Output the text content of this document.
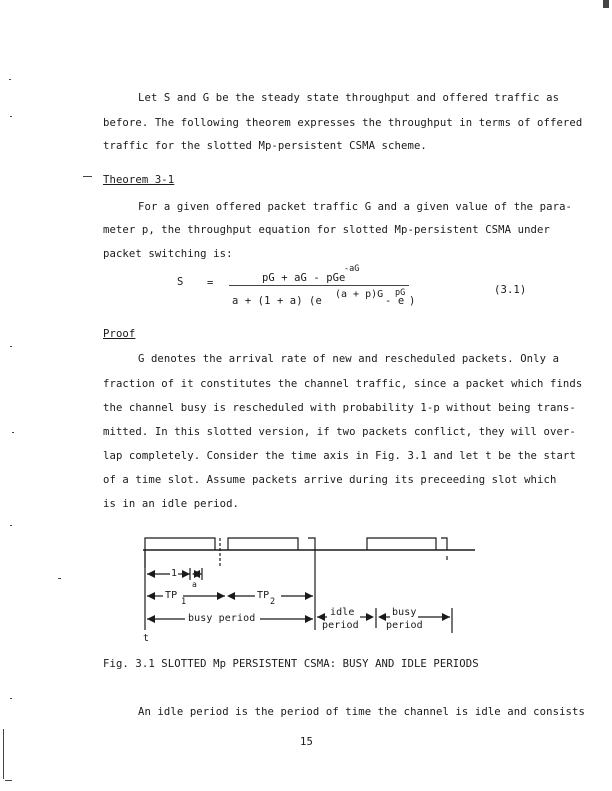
Let S and G be the steady state throughput and offered traffic as
before. The following theorem expresses the throughput in terms of offered
traffic for the slotted Mp-persistent CSMA scheme.
Theorem 3-1
For a given offered packet traffic G and a given value of the para-
meter p, the throughput equation for slotted Mp-persistent CSMA under
packet switching is:
S =	pG + aG - pGe
-aG
a + (1 + a) (e
(a + p)G
- e
pG
)
(3.1)
Proof
G denotes the arrival rate of new and rescheduled packets. Only a
fraction of it constitutes the channel traffic, since a packet which finds
the channel busy is rescheduled with probability 1-p without being trans-
mitted. In this slotted version, if two packets conflict, they will over-
lap completely. Consider the time axis in Fig. 3.1 and let t be the start
of a time slot. Assume packets arrive during its preceeding slot which
is in an idle period.
1
a
TP
1
TP
2
busy period
idle
period
busy
period
t
Fig. 3.1 SLOTTED Mp PERSISTENT CSMA: BUSY AND IDLE PERIODS
An idle period is the period of time the channel is idle and consists
15
